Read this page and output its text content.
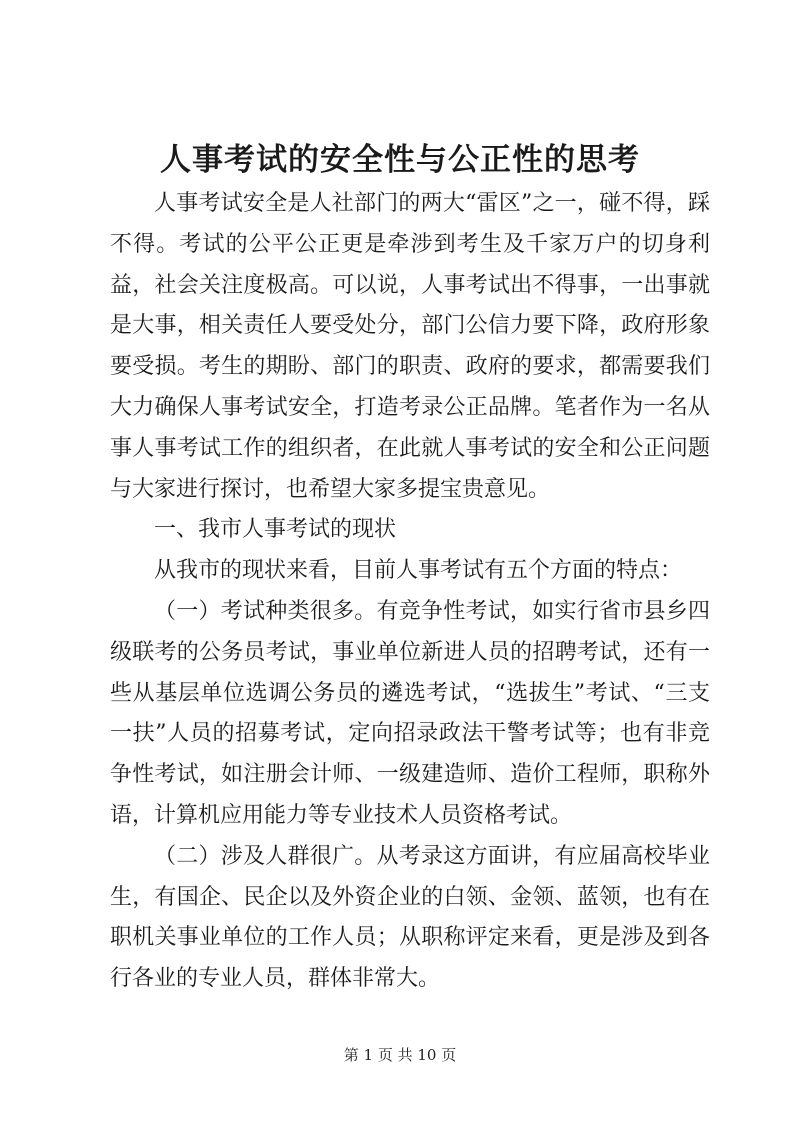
人事考试的安全性与公正性的思考

人事考试安全是人社部门的两大“雷区”之一，碰不得，踩不得。考试的公平公正更是牵涉到考生及千家万户的切身利益，社会关注度极高。可以说，人事考试出不得事，一出事就是大事，相关责任人要受处分，部门公信力要下降，政府形象要受损。考生的期盼、部门的职责、政府的要求，都需要我们大力确保人事考试安全，打造考录公正品牌。笔者作为一名从事人事考试工作的组织者，在此就人事考试的安全和公正问题与大家进行探讨，也希望大家多提宝贵意见。

一、我市人事考试的现状

从我市的现状来看，目前人事考试有五个方面的特点：

（一）考试种类很多。有竞争性考试，如实行省市县乡四级联考的公务员考试，事业单位新进人员的招聘考试，还有一些从基层单位选调公务员的遴选考试，“选拔生”考试、“三支一扶”人员的招募考试，定向招录政法干警考试等；也有非竞争性考试，如注册会计师、一级建造师、造价工程师，职称外语，计算机应用能力等专业技术人员资格考试。

（二）涉及人群很广。从考录这方面讲，有应届高校毕业生，有国企、民企以及外资企业的白领、金领、蓝领，也有在职机关事业单位的工作人员；从职称评定来看，更是涉及到各行各业的专业人员，群体非常大。

第 1 页 共 10 页
